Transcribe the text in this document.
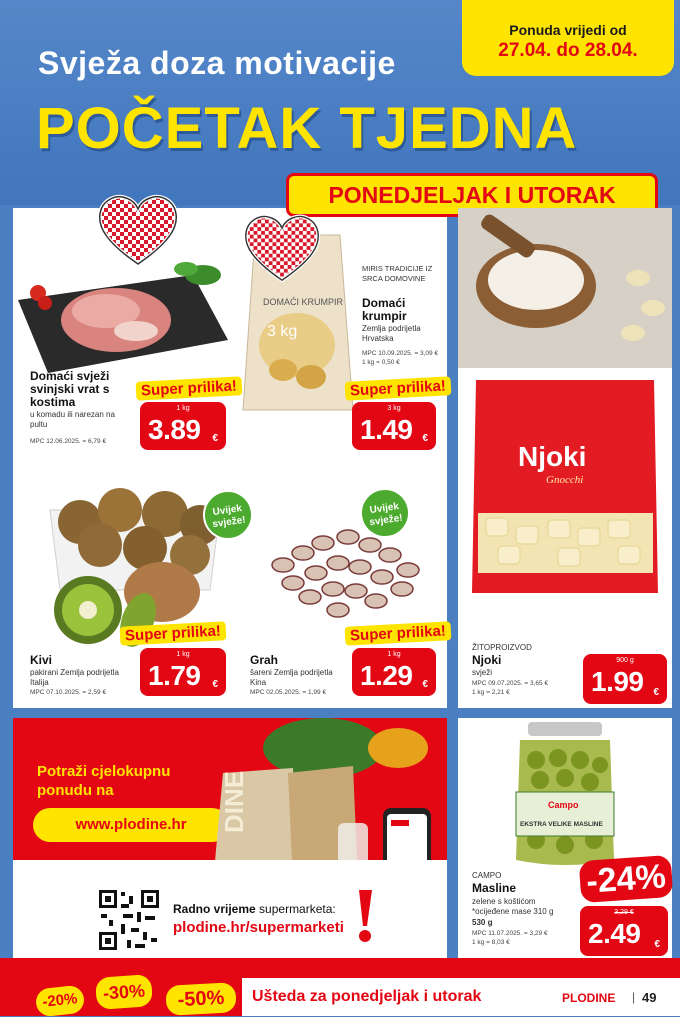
Ponuda vrijedi od
27.04. do 28.04.
Svježa doza motivacije
POČETAK TJEDNA
PONEDJELJAK I UTORAK
Domaći svježi svinjski vrat s kostima
u komadu ili narezan na pultu
MPC 12.06.2025. = 6,79 €
Super prilika!
1 kg
3.89 €
DOMAĆI KRUMPIR
3 kg
MIRIS TRADICIJE IZ SRCA DOMOVINE
Domaći krumpir
Zemlja podrijetla Hrvatska
MPC 10.09.2025. = 3,09 €
1 kg = 0,50 €
Super prilika!
3 kg
1.49 €
Uvijek svježe!
Kivi
pakirani Zemlja podrijetla Italija
MPC 07.10.2025. = 2,59 €
Super prilika!
1 kg
1.79 €
Uvijek svježe!
Grah
šareni Zemlja podrijetla Kina
MPC 02.05.2025. = 1,99 €
Super prilika!
1 kg
1.29 €
Njoki
Gnocchi
ŽITOPROIZVOD
Njoki
svježi
MPC 09.07.2025. = 3,65 €
1 kg = 2,21 €
900 g
1.99 €
Campo
EKSTRA VELIKE MASLINE
CAMPO
Masline
zelene s koštićom *ocijeđene mase 310 g
530 g
MPC 11.07.2025. = 3,29 €
1 kg = 8,03 €
-24%
3,29 €
2.49 €
Potraži cjelokupnu
ponudu na
www.plodine.hr	DINE
Radno vrijeme supermarketa:
plodine.hr/supermarketi
-20%	-30%	-50%	Ušteda za ponedjeljak i utorak	PLODINE | 49
